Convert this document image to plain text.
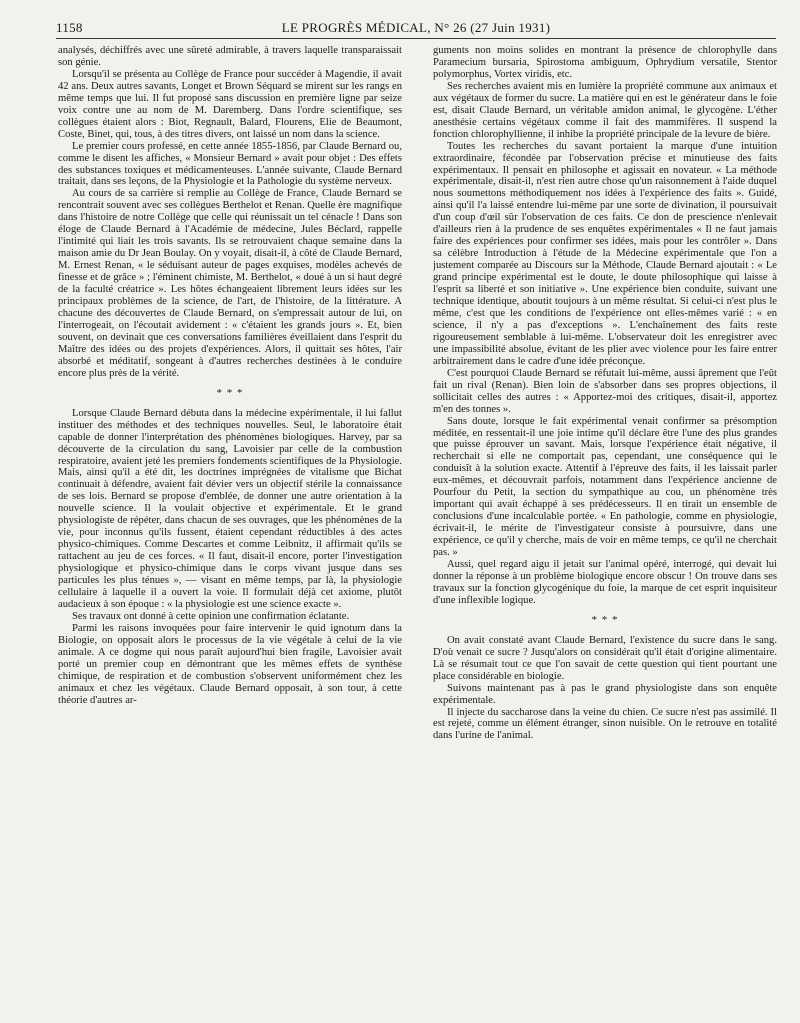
1158	LE PROGRÈS MÉDICAL, N° 26 (27 Juin 1931)

analysés, déchiffrés avec une sûreté admirable, à travers laquelle transparaissait son génie.

Lorsqu'il se présenta au Collège de France pour succéder à Magendie, il avait 42 ans. Deux autres savants, Longet et Brown Séquard se mirent sur les rangs en même temps que lui. Il fut proposé sans discussion en première ligne par seize voix contre une au nom de M. Daremberg. Dans l'ordre scientifique, ses collègues étaient alors : Biot, Regnault, Balard, Flourens, Elie de Beaumont, Coste, Binet, qui, tous, à des titres divers, ont laissé un nom dans la science.

Le premier cours professé, en cette année 1855-1856, par Claude Bernard ou, comme le disent les affiches, « Monsieur Bernard » avait pour objet : Des effets des substances toxiques et médicamenteuses. L'année suivante, Claude Bernard traitait, dans ses leçons, de la Physiologie et la Pathologie du système nerveux.

Au cours de sa carrière si remplie au Collège de France, Claude Bernard se rencontrait souvent avec ses collègues Berthelot et Renan. Quelle ère magnifique dans l'histoire de notre Collège que celle qui réunissait un tel cénacle ! Dans son éloge de Claude Bernard à l'Académie de médecine, Jules Béclard, rappelle l'intimité qui liait les trois savants. Ils se retrouvaient chaque semaine dans la maison amie du Dr Jean Boulay. On y voyait, disait-il, à côté de Claude Bernard, M. Ernest Renan, « le séduisant auteur de pages exquises, modèles achevés de finesse et de grâce » ; l'éminent chimiste, M. Berthelot, « doué à un si haut degré de la faculté créatrice ». Les hôtes échangeaient librement leurs idées sur les principaux problèmes de la science, de l'art, de l'histoire, de la littérature. A chacune des découvertes de Claude Bernard, on s'empressait autour de lui, on l'interrogeait, on l'écoutait avidement : « c'étaient les grands jours ». Et, bien souvent, on devinait que ces conversations familières éveillaient dans l'esprit du Maître des idées ou des projets d'expériences. Alors, il quittait ses hôtes, l'air absorbé et méditatif, songeant à d'autres recherches destinées à le conduire encore plus près de la vérité.

* * *

Lorsque Claude Bernard débuta dans la médecine expérimentale, il lui fallut instituer des méthodes et des techniques nouvelles. Seul, le laboratoire était capable de donner l'interprétation des phénomènes biologiques. Harvey, par sa découverte de la circulation du sang, Lavoisier par celle de la combustion respiratoire, avaient jeté les premiers fondements scientifiques de la Physiologie. Mais, ainsi qu'il a été dit, les doctrines imprégnées de vitalisme que Bichat continuait à défendre, avaient fait dévier vers un objectif stérile la connaissance de ses lois. Bernard se propose d'emblée, de donner une autre orientation à la nouvelle science. Il la voulait objective et expérimentale. Et le grand physiologiste de répéter, dans chacun de ses ouvrages, que les phénomènes de la vie, pour inconnus qu'ils fussent, étaient cependant réductibles à des actes physico-chimiques. Comme Descartes et comme Leibnitz, il affirmait qu'ils se rattachent au jeu de ces forces. « Il faut, disait-il encore, porter l'investigation physiologique et physico-chimique dans le corps vivant jusque dans ses particules les plus ténues », — visant en même temps, par là, la physiologie cellulaire à laquelle il a ouvert la voie. Il formulait déjà cet axiome, plutôt audacieux à son époque : « la physiologie est une science exacte ».

Ses travaux ont donné à cette opinion une confirmation éclatante.

Parmi les raisons invoquées pour faire intervenir le quid ignotum dans la Biologie, on opposait alors le processus de la vie végétale à celui de la vie animale. A ce dogme qui nous paraît aujourd'hui bien fragile, Lavoisier avait porté un premier coup en démontrant que les mêmes effets de synthèse chimique, de respiration et de combustion s'observent uniformément chez les animaux et chez les végétaux. Claude Bernard opposait, à son tour, à cette théorie d'autres ar-

guments non moins solides en montrant la présence de chlorophylle dans Paramecium bursaria, Spirostoma ambiguum, Ophrydium versatile, Stentor polymorphus, Vortex viridis, etc.

Ses recherches avaient mis en lumière la propriété commune aux animaux et aux végétaux de former du sucre. La matière qui en est le générateur dans le foie est, disait Claude Bernard, un véritable amidon animal, le glycogène. L'éther anesthésie certains végétaux comme il fait des mammifères. Il suspend la fonction chlorophyllienne, il inhibe la propriété principale de la levure de bière.

Toutes les recherches du savant portaient la marque d'une intuition extraordinaire, fécondée par l'observation précise et minutieuse des faits expérimentaux. Il pensait en philosophe et agissait en novateur. « La méthode expérimentale, disait-il, n'est rien autre chose qu'un raisonnement à l'aide duquel nous soumettons méthodiquement nos idées à l'expérience des faits ». Guidé, ainsi qu'il l'a laissé entendre lui-même par une sorte de divination, il poursuivait d'un coup d'œil sûr l'observation de ces faits. Ce don de prescience n'enlevait d'ailleurs rien à la prudence de ses enquêtes expérimentales « Il ne faut jamais faire des expériences pour confirmer ses idées, mais pour les contrôler ». Dans sa célèbre Introduction à l'étude de la Médecine expérimentale que l'on a justement comparée au Discours sur la Méthode, Claude Bernard ajoutait : « Le grand principe expérimental est le doute, le doute philosophique qui laisse à l'esprit sa liberté et son initiative ». Une expérience bien conduite, suivant une technique identique, aboutit toujours à un même résultat. Si celui-ci n'est plus le même, c'est que les conditions de l'expérience ont elles-mêmes varié : « en science, il n'y a pas d'exceptions ». L'enchaînement des faits reste rigoureusement semblable à lui-même. L'observateur doit les enregistrer avec une impassibilité absolue, évitant de les plier avec violence pour les faire entrer arbitrairement dans le cadre d'une idée préconçue.

C'est pourquoi Claude Bernard se réfutait lui-même, aussi âprement que l'eût fait un rival (Renan). Bien loin de s'absorber dans ses propres objections, il sollicitait celles des autres : « Apportez-moi des critiques, disait-il, apportez m'en des tonnes ».

Sans doute, lorsque le fait expérimental venait confirmer sa présomption méditée, en ressentait-il une joie intime qu'il déclare être l'une des plus grandes que puisse éprouver un savant. Mais, lorsque l'expérience était négative, il recherchait si elle ne comportait pas, cependant, une conséquence qui le conduisît à la solution exacte. Attentif à l'épreuve des faits, il les laissait parler eux-mêmes, et découvrait parfois, notamment dans l'expérience ancienne de Pourfour du Petit, la section du sympathique au cou, un phénomène très important qui avait échappé à ses prédécesseurs. Il en tirait un ensemble de conclusions d'une incalculable portée. « En pathologie, comme en physiologie, écrivait-il, le mérite de l'investigateur consiste à poursuivre, dans une expérience, ce qu'il y cherche, mais de voir en même temps, ce qu'il ne cherchait pas. »

Aussi, quel regard aigu il jetait sur l'animal opéré, interrogé, qui devait lui donner la réponse à un problème biologique encore obscur ! On trouve dans ses travaux sur la fonction glycogénique du foie, la marque de cet esprit inquisiteur d'une inflexible logique.

* * *

On avait constaté avant Claude Bernard, l'existence du sucre dans le sang. D'où venait ce sucre ? Jusqu'alors on considérait qu'il était d'origine alimentaire. Là se résumait tout ce que l'on savait de cette question qui tient pourtant une place considérable en biologie.

Suivons maintenant pas à pas le grand physiologiste dans son enquête expérimentale.

Il injecte du saccharose dans la veine du chien. Ce sucre n'est pas assimilé. Il est rejeté, comme un élément étranger, sinon nuisible. On le retrouve en totalité dans l'urine de l'animal.
